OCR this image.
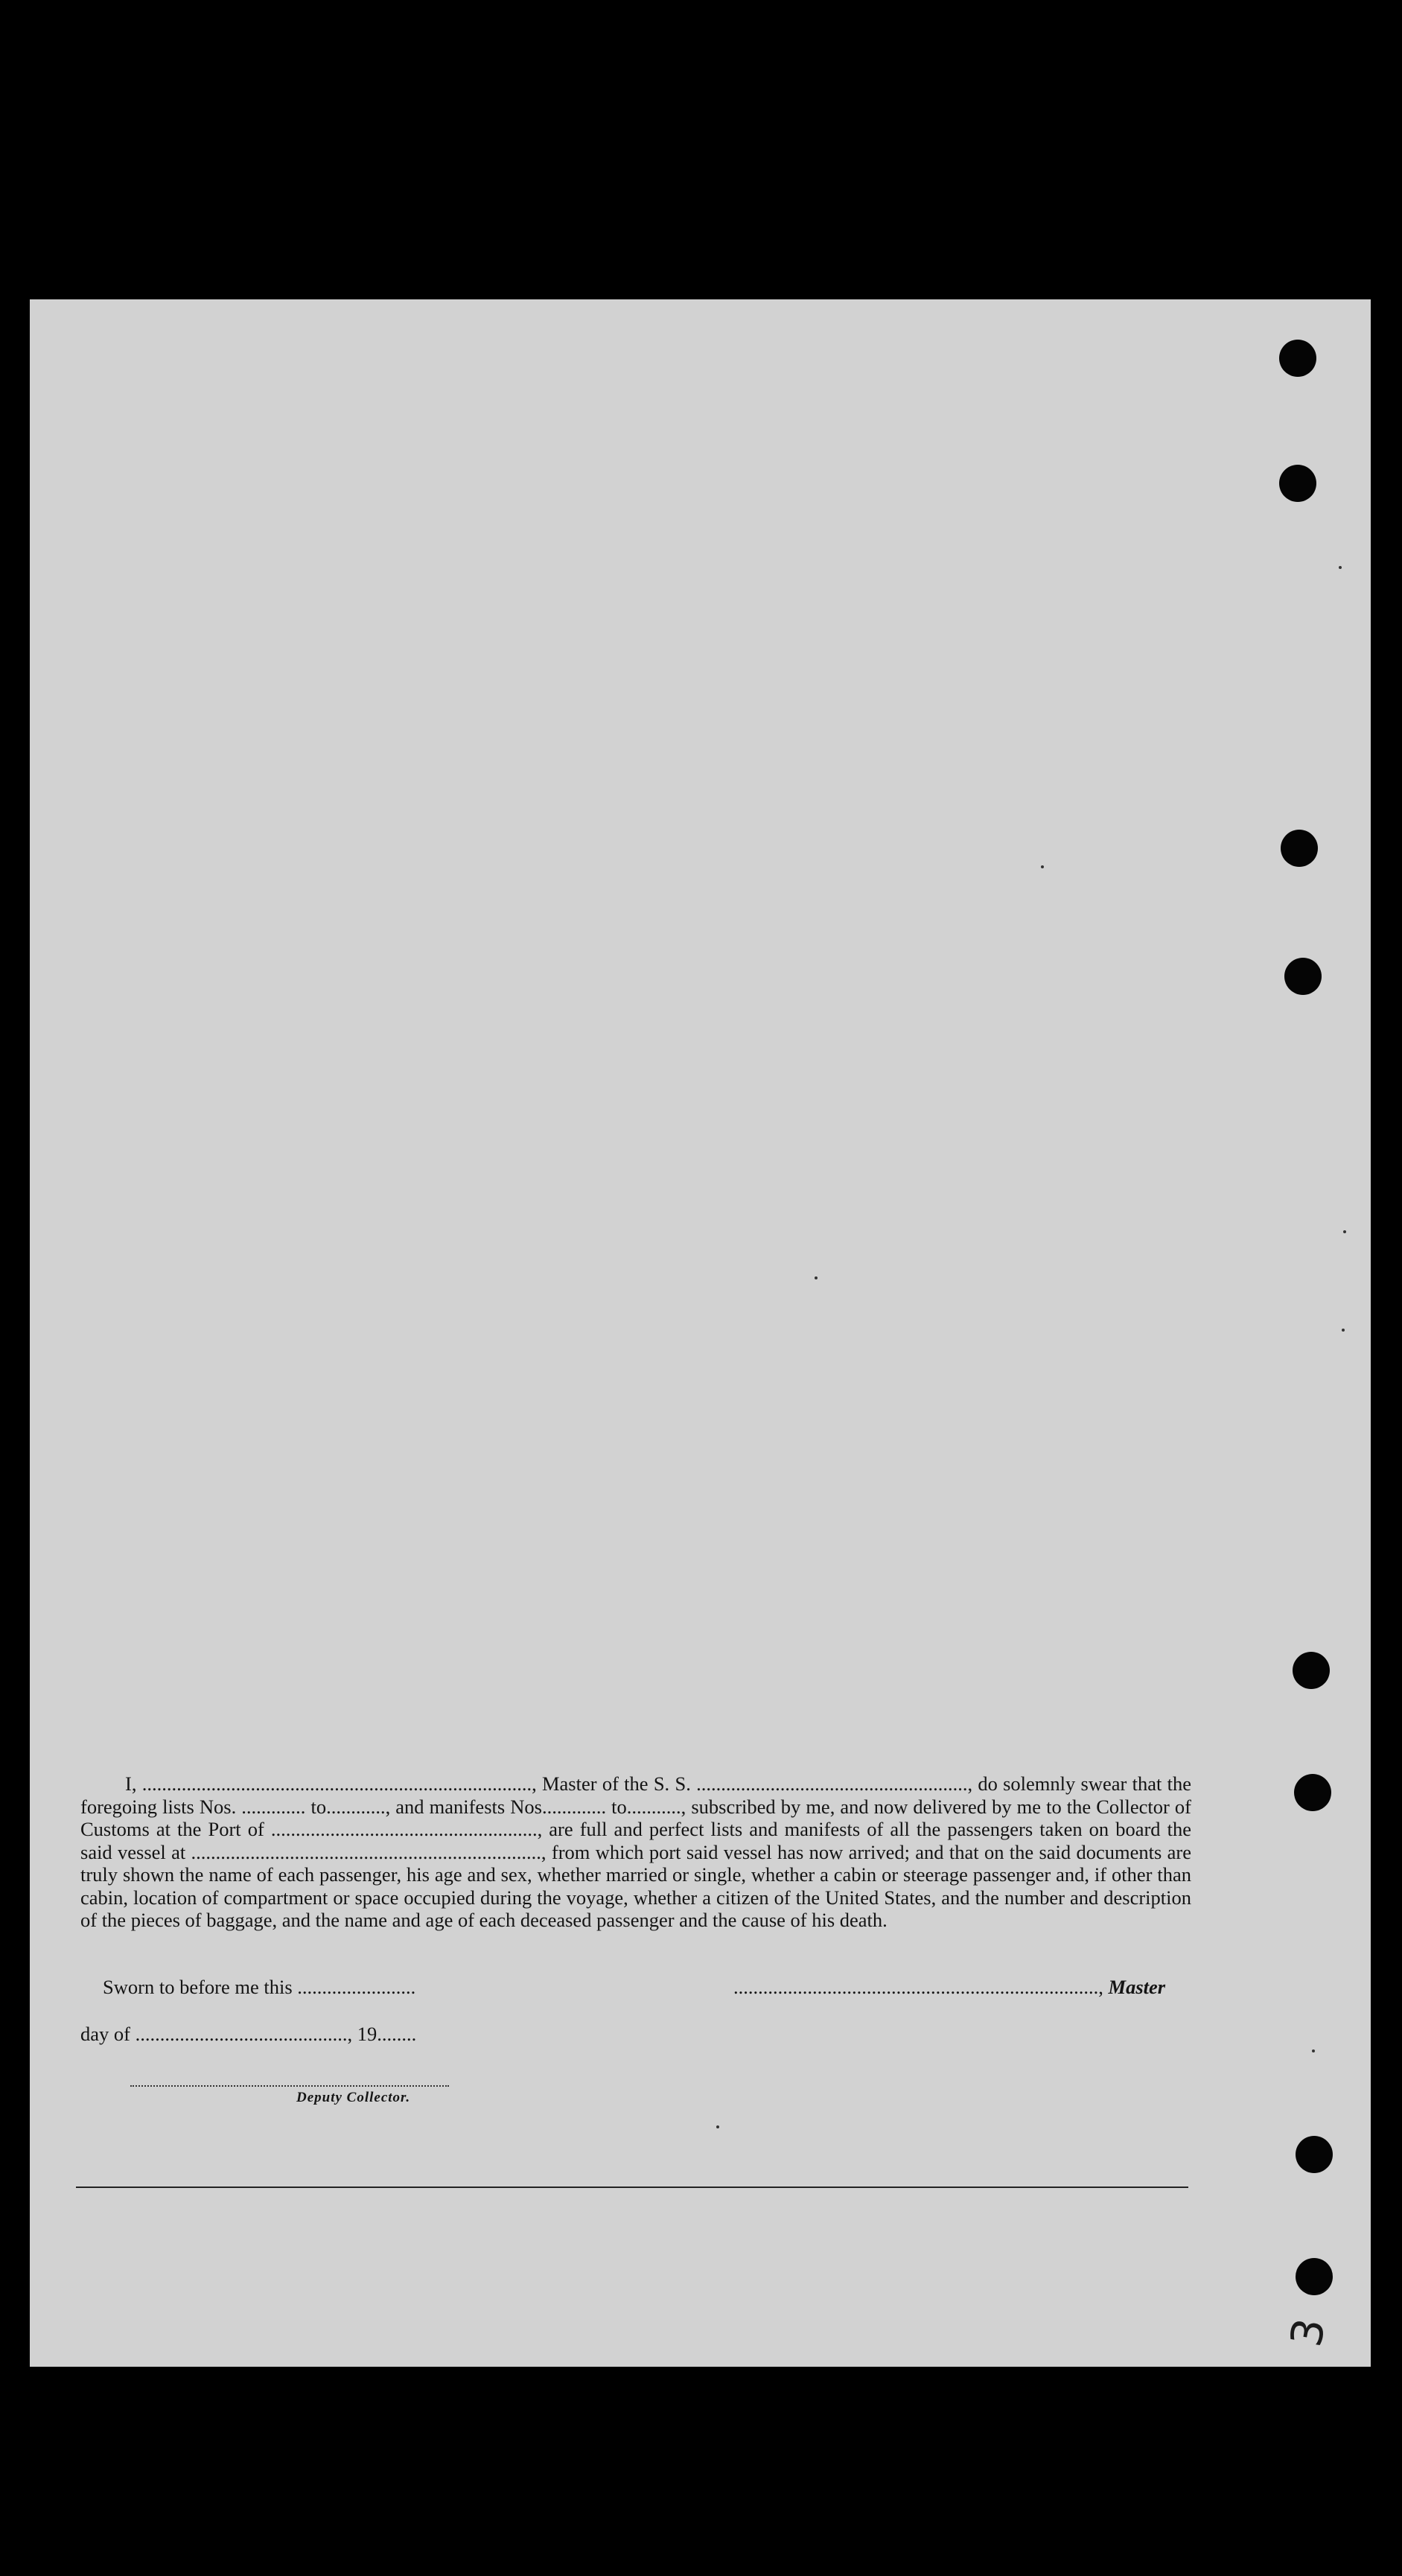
I, ..............................................................................., Master of the S. S. ......................................................., do solemnly swear that the foregoing lists Nos. ............. to............, and manifests Nos............. to..........., subscribed by me, and now delivered by me to the Collector of Customs at the Port of ......................................................, are full and perfect lists and manifests of all the passengers taken on board the said vessel at ......................................................................., from which port said vessel has now arrived; and that on the said documents are truly shown the name of each passenger, his age and sex, whether married or single, whether a cabin or steerage passenger and, if other than cabin, location of compartment or space occupied during the voyage, whether a citizen of the United States, and the number and description of the pieces of baggage, and the name and age of each deceased passenger and the cause of his death.
Sworn to before me this ........................	.........................................................................., Master
day of ..........................................., 19........
Deputy Collector.
3
